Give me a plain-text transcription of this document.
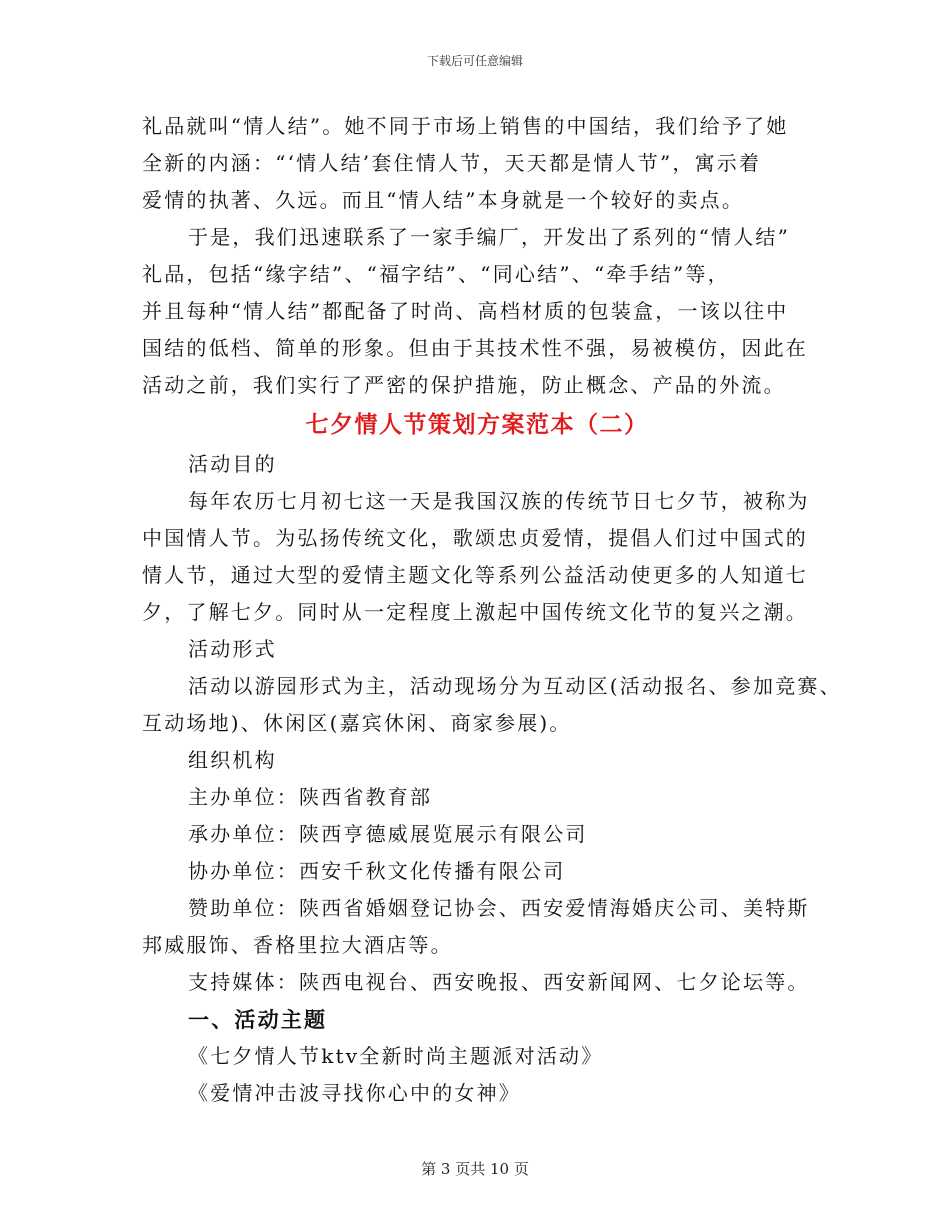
下载后可任意编辑
礼品就叫“情人结”。她不同于市场上销售的中国结，我们给予了她
全新的内涵：“‘情人结’套住情人节，天天都是情人节”，寓示着
爱情的执著、久远。而且“情人结”本身就是一个较好的卖点。
于是，我们迅速联系了一家手编厂，开发出了系列的“情人结”
礼品，包括“缘字结”、“福字结”、“同心结”、“牵手结”等，
并且每种“情人结”都配备了时尚、高档材质的包装盒，一该以往中
国结的低档、简单的形象。但由于其技术性不强，易被模仿，因此在
活动之前，我们实行了严密的保护措施，防止概念、产品的外流。
七夕情人节策划方案范本（二）
活动目的
每年农历七月初七这一天是我国汉族的传统节日七夕节，被称为
中国情人节。为弘扬传统文化，歌颂忠贞爱情，提倡人们过中国式的
情人节，通过大型的爱情主题文化等系列公益活动使更多的人知道七
夕，了解七夕。同时从一定程度上激起中国传统文化节的复兴之潮。
活动形式
活动以游园形式为主，活动现场分为互动区(活动报名、参加竞赛、
互动场地)、休闲区(嘉宾休闲、商家参展)。
组织机构
主办单位：陕西省教育部
承办单位：陕西亨德威展览展示有限公司
协办单位：西安千秋文化传播有限公司
赞助单位：陕西省婚姻登记协会、西安爱情海婚庆公司、美特斯
邦威服饰、香格里拉大酒店等。
支持媒体：陕西电视台、西安晚报、西安新闻网、七夕论坛等。
一、活动主题
《七夕情人节ktv全新时尚主题派对活动》
《爱情冲击波寻找你心中的女神》
第 3 页共 10 页
